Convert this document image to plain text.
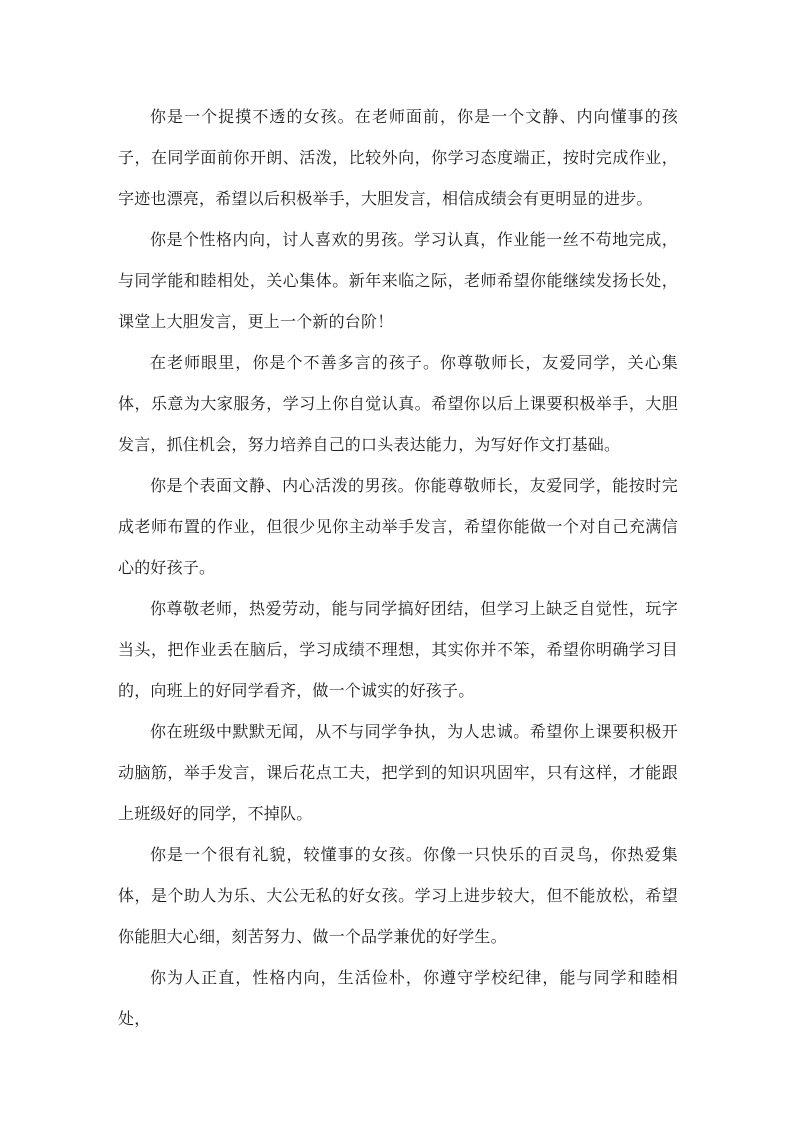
你是一个捉摸不透的女孩。在老师面前，你是一个文静、内向懂事的孩子，在同学面前你开朗、活泼，比较外向，你学习态度端正，按时完成作业，字迹也漂亮，希望以后积极举手，大胆发言，相信成绩会有更明显的进步。

你是个性格内向，讨人喜欢的男孩。学习认真，作业能一丝不苟地完成，与同学能和睦相处，关心集体。新年来临之际，老师希望你能继续发扬长处，课堂上大胆发言，更上一个新的台阶！

在老师眼里，你是个不善多言的孩子。你尊敬师长，友爱同学，关心集体，乐意为大家服务，学习上你自觉认真。希望你以后上课要积极举手，大胆发言，抓住机会，努力培养自己的口头表达能力，为写好作文打基础。

你是个表面文静、内心活泼的男孩。你能尊敬师长，友爱同学，能按时完成老师布置的作业，但很少见你主动举手发言，希望你能做一个对自己充满信心的好孩子。

你尊敬老师，热爱劳动，能与同学搞好团结，但学习上缺乏自觉性，玩字当头，把作业丢在脑后，学习成绩不理想，其实你并不笨，希望你明确学习目的，向班上的好同学看齐，做一个诚实的好孩子。

你在班级中默默无闻，从不与同学争执，为人忠诚。希望你上课要积极开动脑筋，举手发言，课后花点工夫，把学到的知识巩固牢，只有这样，才能跟上班级好的同学，不掉队。

你是一个很有礼貌，较懂事的女孩。你像一只快乐的百灵鸟，你热爱集体，是个助人为乐、大公无私的好女孩。学习上进步较大，但不能放松，希望你能胆大心细，刻苦努力、做一个品学兼优的好学生。

你为人正直，性格内向，生活俭朴，你遵守学校纪律，能与同学和睦相处，
